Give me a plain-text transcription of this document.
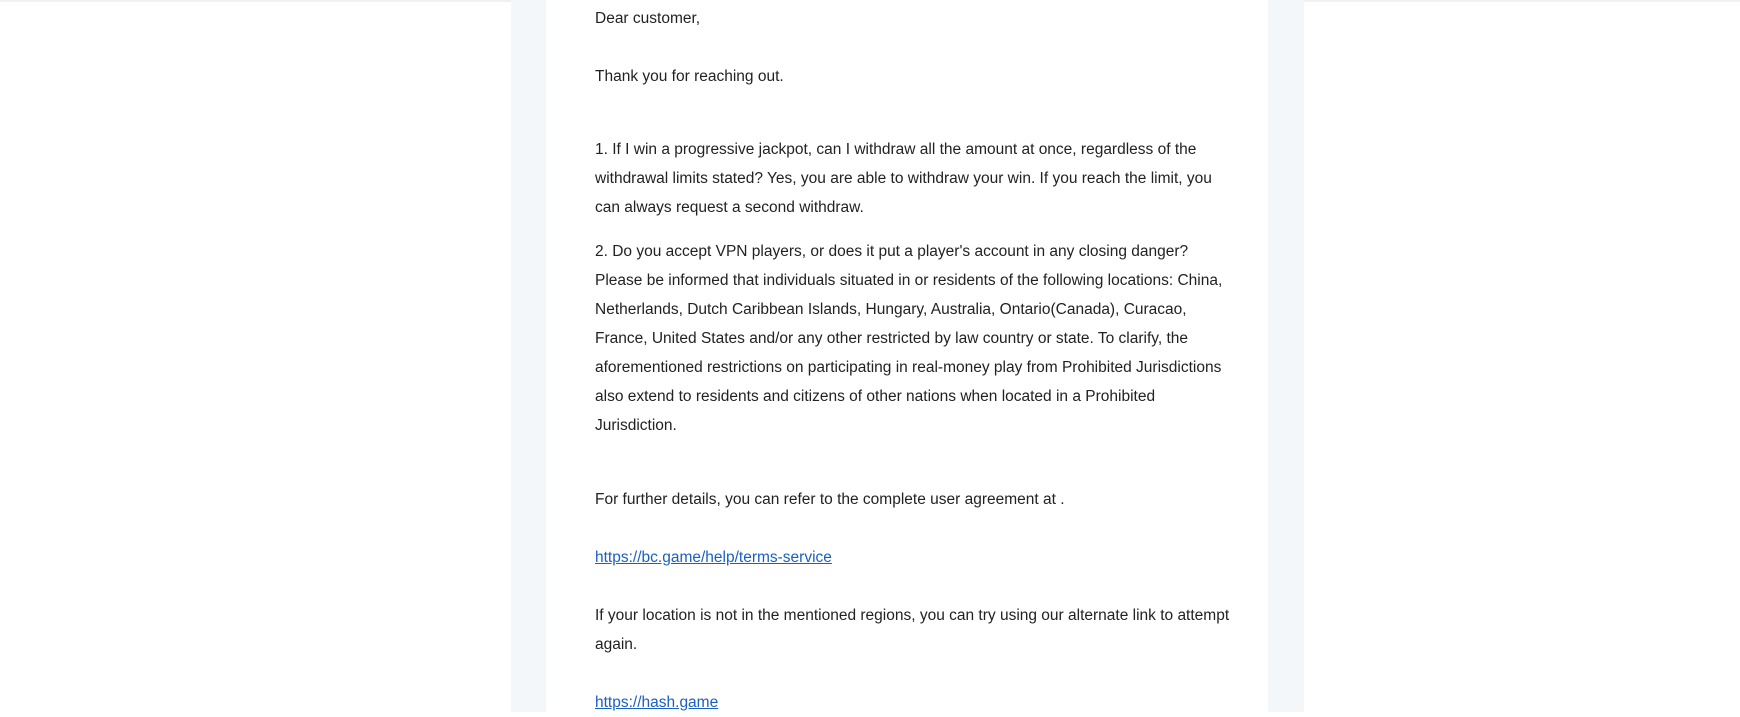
Dear customer,

Thank you for reaching out.

1. If I win a progressive jackpot, can I withdraw all the amount at once, regardless of the withdrawal limits stated? Yes, you are able to withdraw your win. If you reach the limit, you can always request a second withdraw.

2. Do you accept VPN players, or does it put a player's account in any closing danger? Please be informed that individuals situated in or residents of the following locations: China, Netherlands, Dutch Caribbean Islands, Hungary, Australia, Ontario(Canada), Curacao, France, United States and/or any other restricted by law country or state. To clarify, the aforementioned restrictions on participating in real-money play from Prohibited Jurisdictions also extend to residents and citizens of other nations when located in a Prohibited Jurisdiction.

For further details, you can refer to the complete user agreement at .

https://bc.game/help/terms-service

If your location is not in the mentioned regions, you can try using our alternate link to attempt again.

https://hash.game
